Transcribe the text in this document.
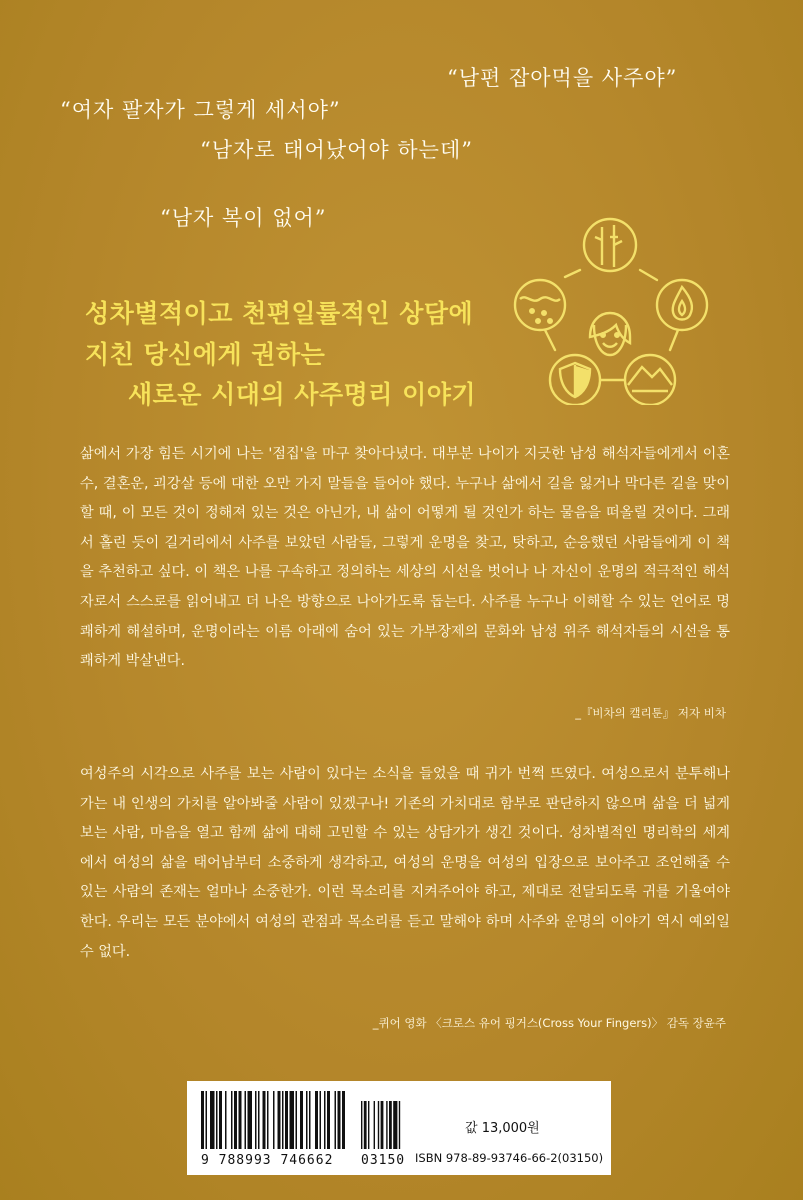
“남편 잡아먹을 사주야”
“여자 팔자가 그렇게 세서야”
“남자로 태어났어야 하는데”
“남자 복이 없어”
성차별적이고 천편일률적인 상담에
지친 당신에게 권하는
새로운 시대의 사주명리 이야기
삶에서 가장 힘든 시기에 나는 '점집'을 마구 찾아다녔다. 대부분 나이가 지긋한 남성 해석자들에게서 이혼수, 결혼운, 괴강살 등에 대한 오만 가지 말들을 들어야 했다. 누구나 삶에서 길을 잃거나 막다른 길을 맞이할 때, 이 모든 것이 정해져 있는 것은 아닌가, 내 삶이 어떻게 될 것인가 하는 물음을 떠올릴 것이다. 그래서 홀린 듯이 길거리에서 사주를 보았던 사람들, 그렇게 운명을 찾고, 탓하고, 순응했던 사람들에게 이 책을 추천하고 싶다. 이 책은 나를 구속하고 정의하는 세상의 시선을 벗어나 나 자신이 운명의 적극적인 해석자로서 스스로를 읽어내고 더 나은 방향으로 나아가도록 돕는다. 사주를 누구나 이해할 수 있는 언어로 명쾌하게 해설하며, 운명이라는 이름 아래에 숨어 있는 가부장제의 문화와 남성 위주 해석자들의 시선을 통쾌하게 박살낸다.
_『비차의 캘리툰』 저자 비차
여성주의 시각으로 사주를 보는 사람이 있다는 소식을 들었을 때 귀가 번쩍 뜨였다. 여성으로서 분투해나가는 내 인생의 가치를 알아봐줄 사람이 있겠구나! 기존의 가치대로 함부로 판단하지 않으며 삶을 더 넓게 보는 사람, 마음을 열고 함께 삶에 대해 고민할 수 있는 상담가가 생긴 것이다. 성차별적인 명리학의 세계에서 여성의 삶을 태어남부터 소중하게 생각하고, 여성의 운명을 여성의 입장으로 보아주고 조언해줄 수 있는 사람의 존재는 얼마나 소중한가. 이런 목소리를 지켜주어야 하고, 제대로 전달되도록 귀를 기울여야 한다. 우리는 모든 분야에서 여성의 관점과 목소리를 듣고 말해야 하며 사주와 운명의 이야기 역시 예외일 수 없다.
_퀴어 영화 〈크로스 유어 핑거스(Cross Your Fingers)〉 감독 장윤주
9 788993 746662 03150
값 13,000원
ISBN 978-89-93746-66-2(03150)
